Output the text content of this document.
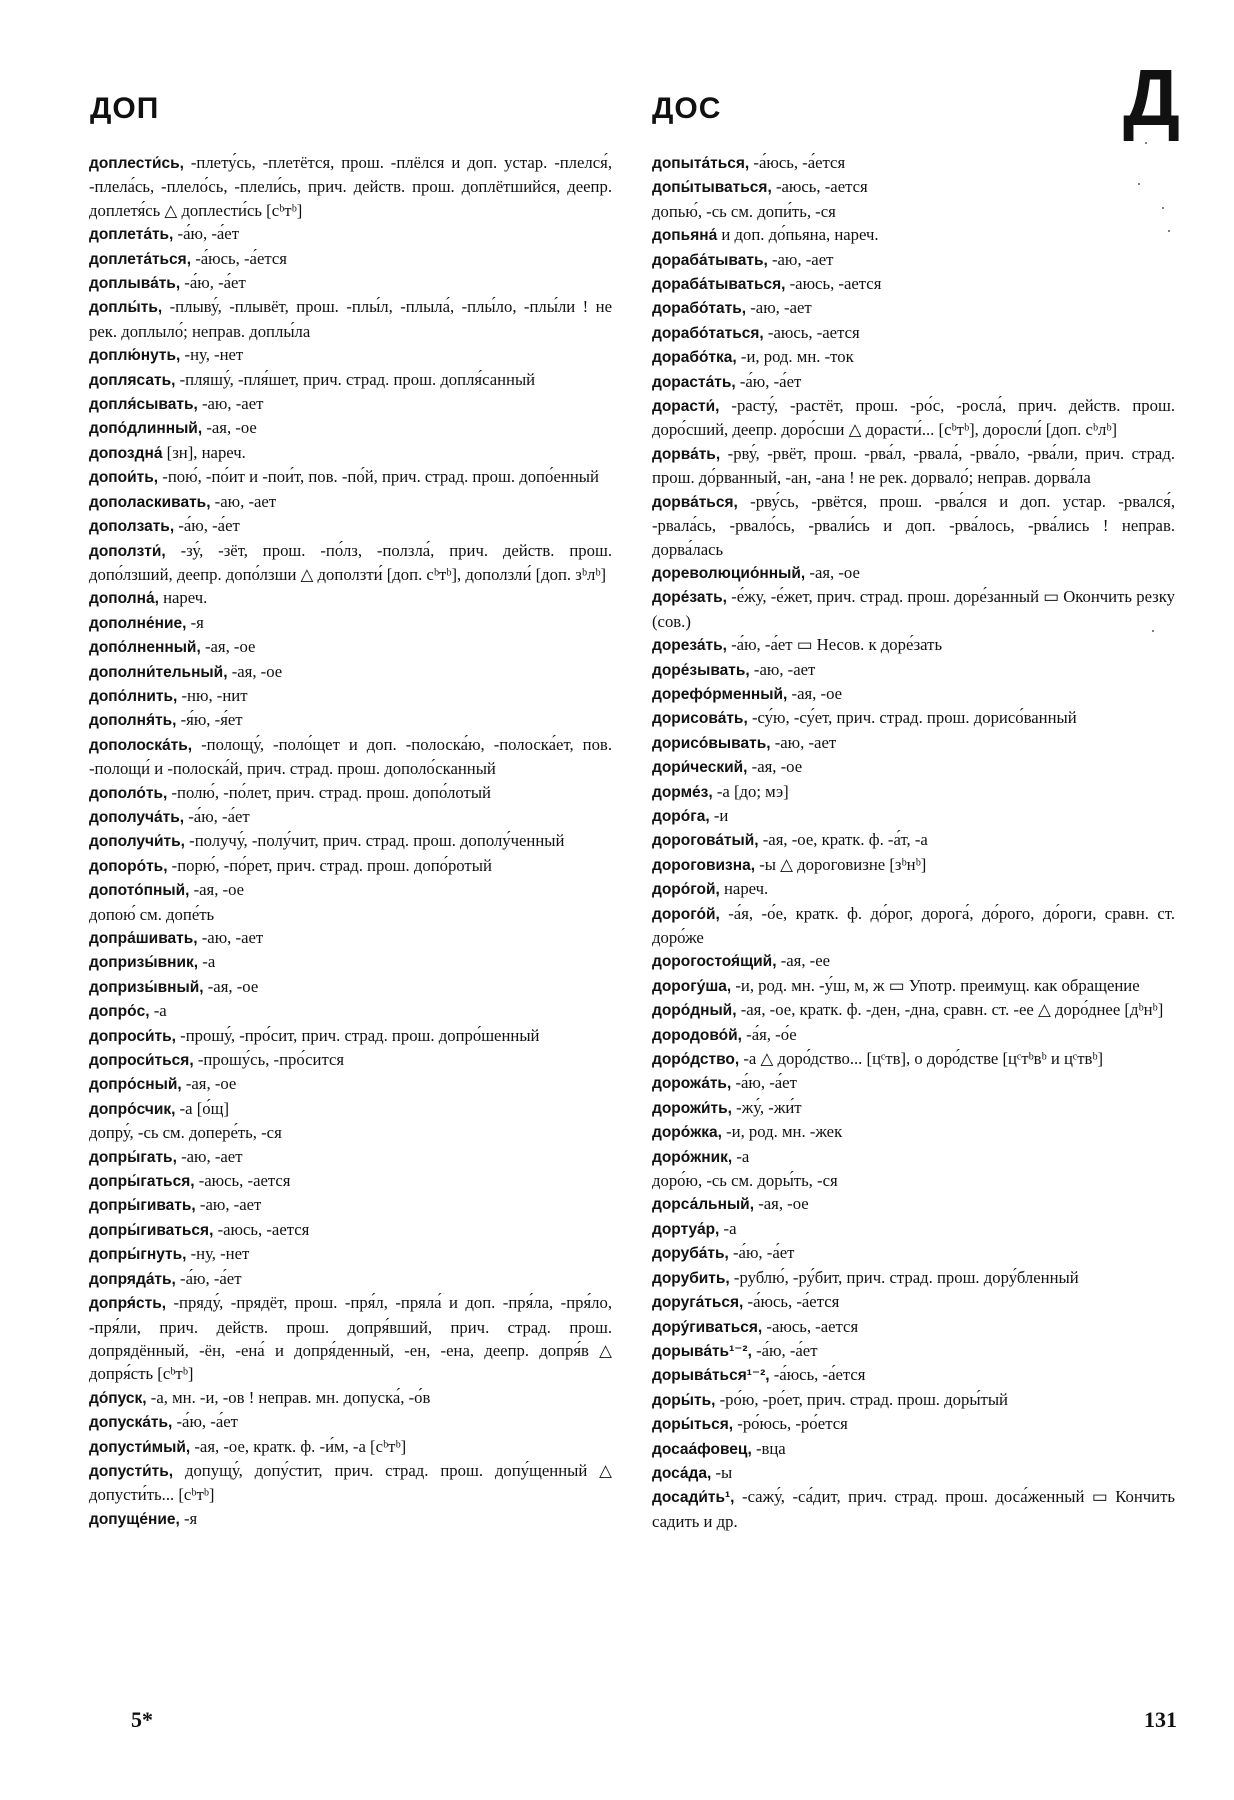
ДОП	ДОС	Д
доплести́сь, -плету́сь, -плетётся, прош. -плёлся и доп. устар. -плелся́, -плела́сь, -плело́сь, -плели́сь, прич. действ. прош. доплётшийся, деепр. доплетя́сь △ доплести́сь [сᵇтᵇ]
доплета́ть, -а́ю, -а́ет
доплета́ться, -а́юсь, -а́ется
доплыва́ть, -а́ю, -а́ет
доплы́ть, -плыву́, -плывёт, прош. -плы́л, -плыла́, -плы́ло, -плы́ли ! не рек. доплыло́; неправ. доплы́ла
доплю́нуть, -ну, -нет
доплясать, -пляшу́, -пля́шет, прич. страд. прош. допля́санный
допля́сывать, -аю, -ает
допо́длинный, -ая, -ое
допоздна́ [зн], нареч.
допои́ть, -пою́, -по́ит и -пои́т, пов. -по́й, прич. страд. прош. допо́енный
дополаскивать, -аю, -ает
доползать, -а́ю, -а́ет
доползти́, -зу́, -зёт, прош. -по́лз, -ползла́, прич. действ. прош. допо́лзший, деепр. допо́лзши △ доползти́ [доп. сᵇтᵇ], доползли́ [доп. зᵇлᵇ]
дополна́, нареч.
дополне́ние, -я
допо́лненный, -ая, -ое
дополни́тельный, -ая, -ое
допо́лнить, -ню, -нит
дополня́ть, -я́ю, -я́ет
дополоска́ть, -полощу́, -поло́щет и доп. -полоска́ю, -полоска́ет, пов. -полощи́ и -полоска́й, прич. страд. прош. дополо́сканный
дополо́ть, -полю́, -по́лет, прич. страд. прош. допо́лотый
дополуча́ть, -а́ю, -а́ет
дополучи́ть, -получу́, -полу́чит, прич. страд. прош. дополу́ченный
допоро́ть, -порю́, -по́рет, прич. страд. прош. допо́ротый
допото́пный, -ая, -ое
допою́ см. допе́ть
допра́шивать, -аю, -ает
допризы́вник, -а
допризы́вный, -ая, -ое
допро́с, -а
допроси́ть, -прошу́, -про́сит, прич. страд. прош. допро́шенный
допроси́ться, -прошу́сь, -про́сится
допро́сный, -ая, -ое
допро́счик, -а [о́щ]
допру́, -сь см. допере́ть, -ся
допры́гать, -аю, -ает
допры́гаться, -аюсь, -ается
допры́гивать, -аю, -ает
допры́гиваться, -аюсь, -ается
допры́гнуть, -ну, -нет
допряда́ть, -а́ю, -а́ет
допря́сть, -пряду́, -прядёт, прош. -пря́л, -пряла́ и доп. -пря́ла, -пря́ло, -пря́ли, прич. действ. прош. допря́вший, прич. страд. прош. допрядённый, -ён, -ена́ и допря́денный, -ен, -ена, деепр. допря́в △ допря́сть [сᵇтᵇ]
до́пуск, -а, мн. -и, -ов ! неправ. мн. допуска́, -о́в
допуска́ть, -а́ю, -а́ет
допусти́мый, -ая, -ое, кратк. ф. -и́м, -а [сᵇтᵇ]
допусти́ть, допущу́, допу́стит, прич. страд. прош. допу́щенный △ допусти́ть... [сᵇтᵇ]
допуще́ние, -я
допыта́ться, -а́юсь, -а́ется
допы́тываться, -аюсь, -ается
допью́, -сь см. допи́ть, -ся
допьяна́ и доп. до́пьяна, нареч.
дораба́тывать, -аю, -ает
дораба́тываться, -аюсь, -ается
дорабо́тать, -аю, -ает
дорабо́таться, -аюсь, -ается
дорабо́тка, -и, род. мн. -ток
дораста́ть, -а́ю, -а́ет
дорасти́, -расту́, -растёт, прош. -ро́с, -росла́, прич. действ. прош. доро́сший, деепр. доро́сши △ дорасти́... [сᵇтᵇ], доросли́ [доп. сᵇлᵇ]
дорва́ть, -рву́, -рвёт, прош. -рва́л, -рвала́, -рва́ло, -рва́ли, прич. страд. прош. до́рванный, -ан, -ана ! не рек. дорвало́; неправ. дорва́ла
дорва́ться, -рву́сь, -рвётся, прош. -рва́лся и доп. устар. -рвался́, -рвала́сь, -рвало́сь, -рвали́сь и доп. -рва́лось, -рва́лись ! неправ. дорва́лась
дореволюцио́нный, -ая, -ое
доре́зать, -е́жу, -е́жет, прич. страд. прош. доре́занный ▭ Окончить резку (сов.)
дореза́ть, -а́ю, -а́ет ▭ Несов. к доре́зать
доре́зывать, -аю, -ает
дорефо́рменный, -ая, -ое
дорисова́ть, -су́ю, -су́ет, прич. страд. прош. дорисо́ванный
дорисо́вывать, -аю, -ает
дори́ческий, -ая, -ое
дорме́з, -а [до; мэ]
доро́га, -и
дорогова́тый, -ая, -ое, кратк. ф. -а́т, -а
дороговизна, -ы △ дороговизне [зᵇнᵇ]
доро́гой, нареч.
дорого́й, -а́я, -о́е, кратк. ф. до́рог, дорога́, до́рого, до́роги, сравн. ст. доро́же
дорогостоя́щий, -ая, -ее
дорогу́ша, -и, род. мн. -у́ш, м, ж ▭ Употр. преимущ. как обращение
доро́дный, -ая, -ое, кратк. ф. -ден, -дна, сравн. ст. -ее △ доро́днее [дᵇнᵇ]
дородово́й, -а́я, -о́е
доро́дство, -а △ доро́дство... [цᶜтв], о доро́дстве [цᶜтᵇвᵇ и цᶜтвᵇ]
дорожа́ть, -а́ю, -а́ет
дорожи́ть, -жу́, -жи́т
доро́жка, -и, род. мн. -жек
доро́жник, -а
доро́ю, -сь см. доры́ть, -ся
дорса́льный, -ая, -ое
дортуа́р, -а
доруба́ть, -а́ю, -а́ет
дорубить, -рублю́, -ру́бит, прич. страд. прош. дору́бленный
доруга́ться, -а́юсь, -а́ется
дору́гиваться, -аюсь, -ается
дорыва́ть¹⁻², -а́ю, -а́ет
дорыва́ться¹⁻², -а́юсь, -а́ется
доры́ть, -ро́ю, -ро́ет, прич. страд. прош. доры́тый
доры́ться, -ро́юсь, -ро́ется
досаа́фовец, -вца
доса́да, -ы
досади́ть¹, -сажу́, -са́дит, прич. страд. прош. доса́женный ▭ Кончить садить и др.
5*	131
